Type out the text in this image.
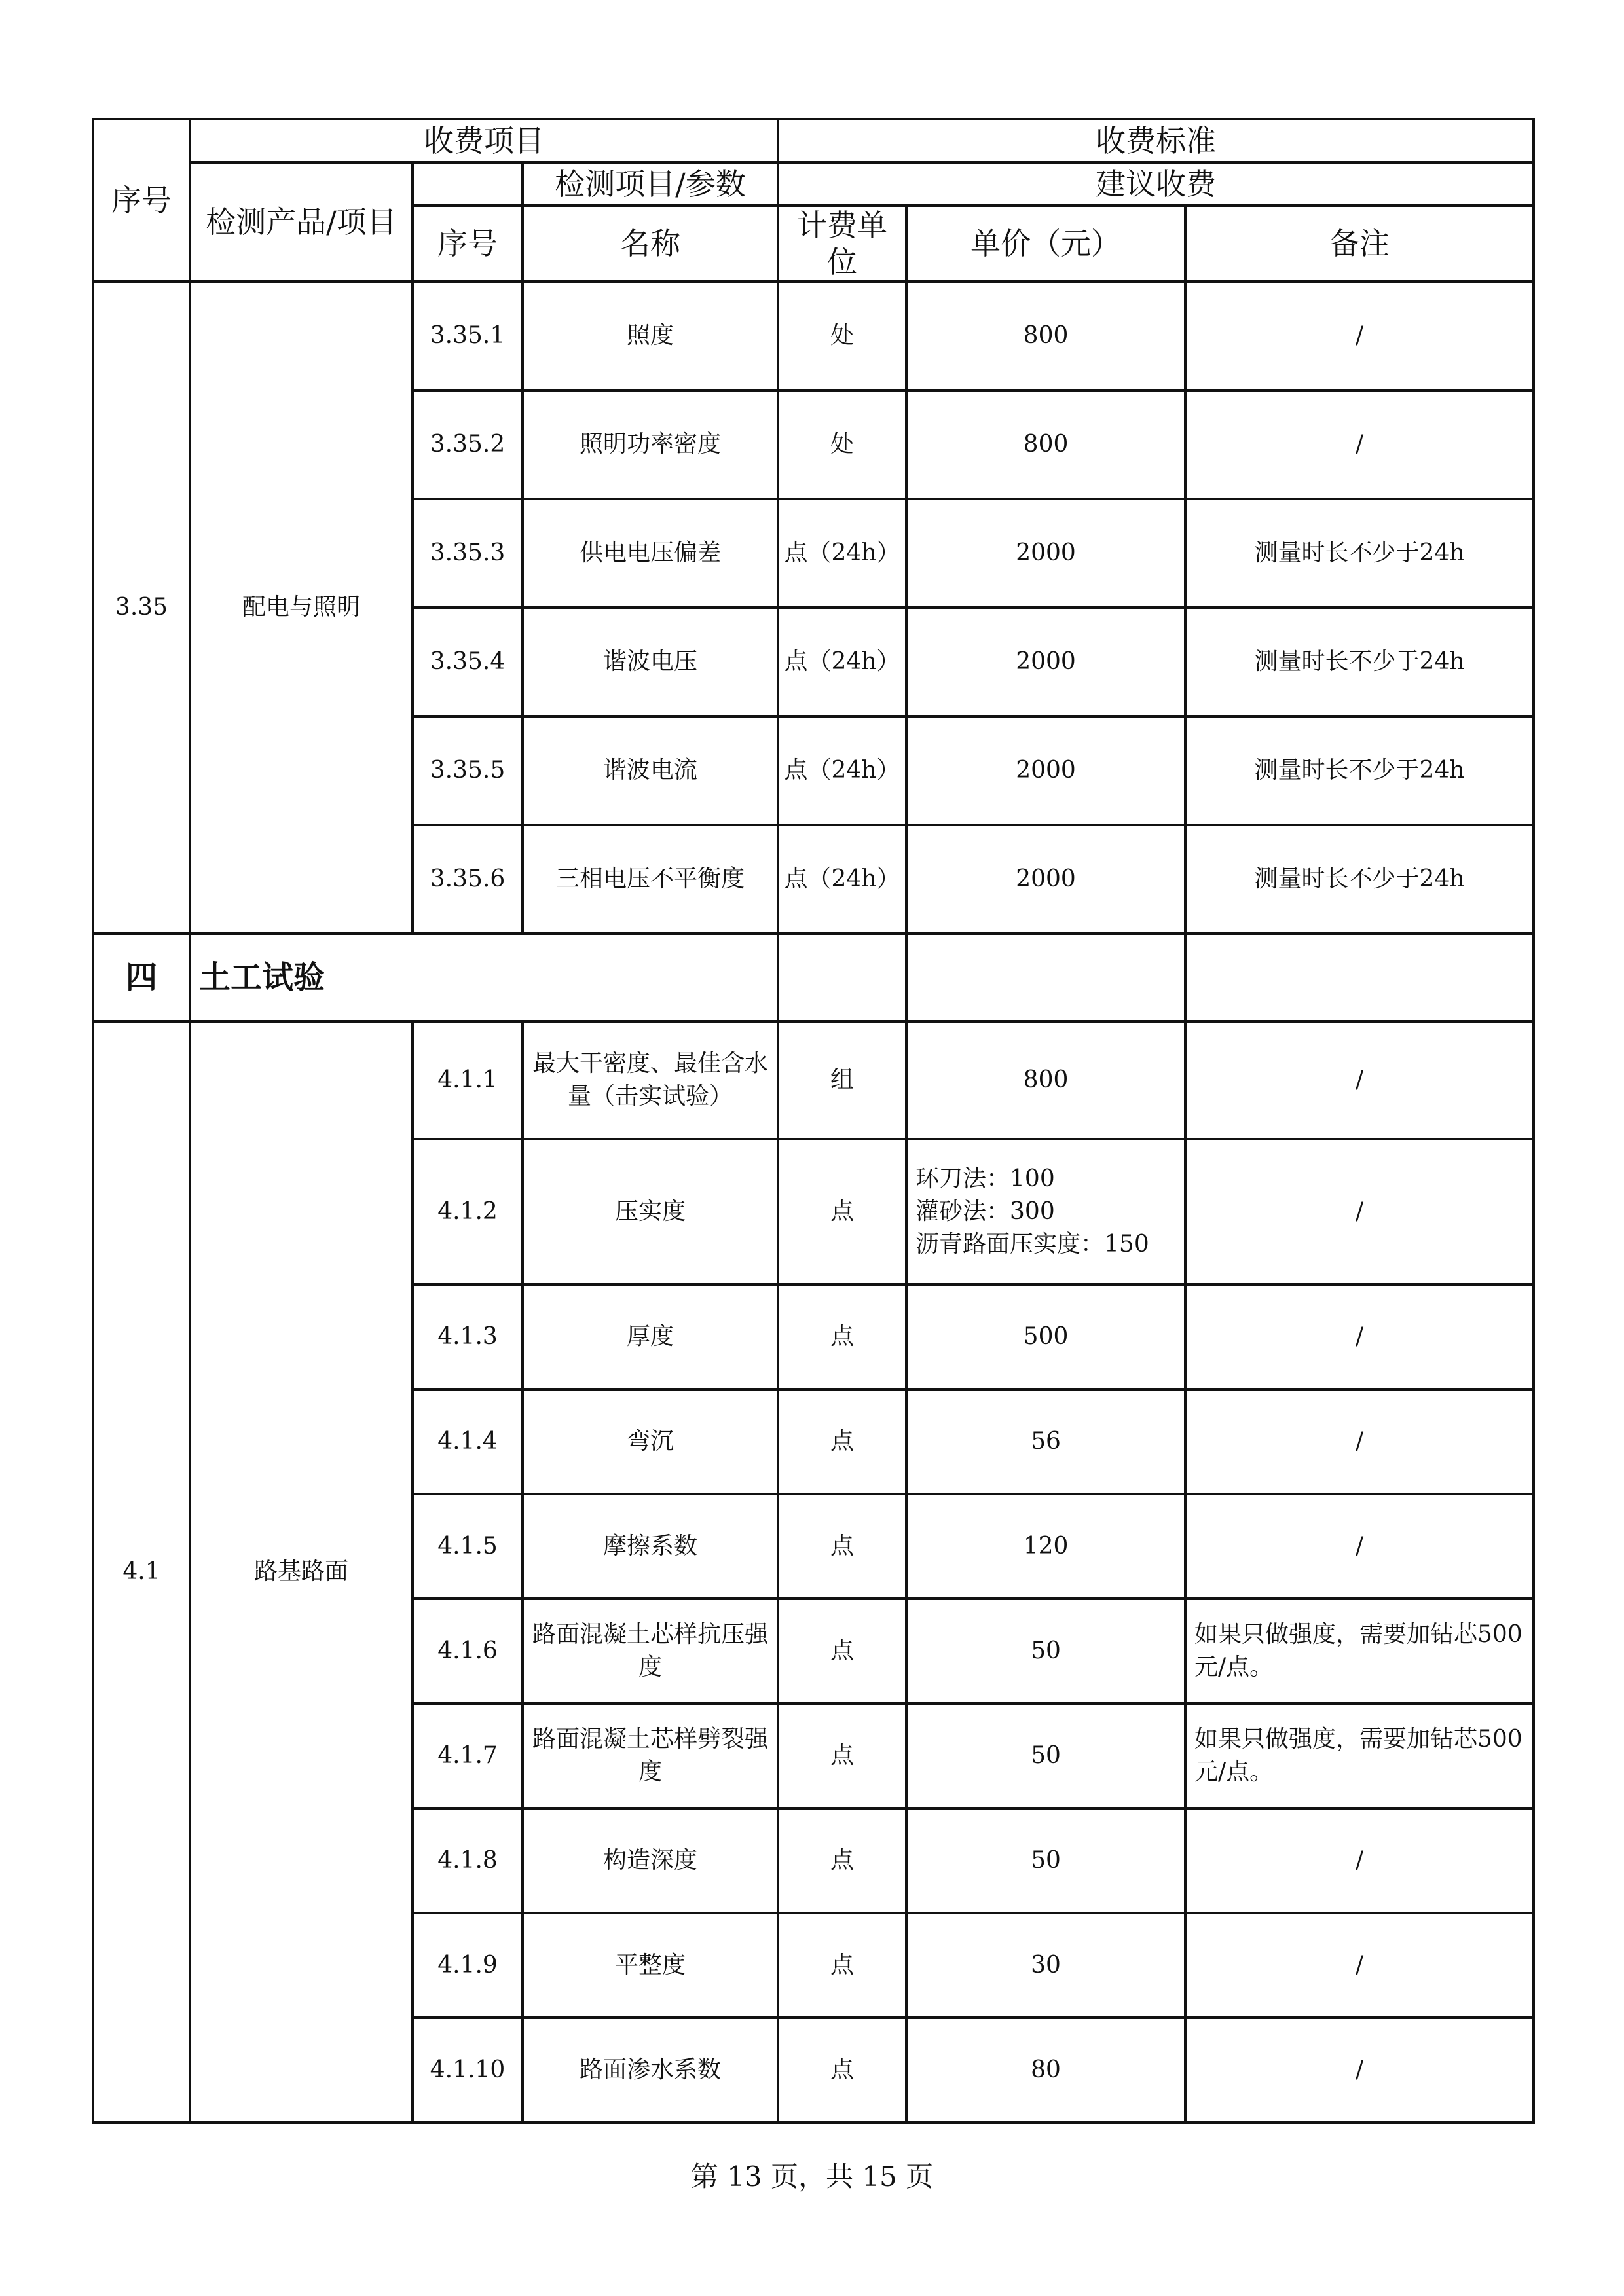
序号	收费项目			收费标准		
	检测产品/项目		检测项目/参数	建议收费		
		序号	名称	计费单位	单价（元）	备注
3.35	配电与照明	3.35.1	照度	处	800	/
		3.35.2	照明功率密度	处	800	/
		3.35.3	供电电压偏差	点（24h）	2000	测量时长不少于24h
		3.35.4	谐波电压	点（24h）	2000	测量时长不少于24h
		3.35.5	谐波电流	点（24h）	2000	测量时长不少于24h
		3.35.6	三相电压不平衡度	点（24h）	2000	测量时长不少于24h
四	土工试验					
4.1	路基路面	4.1.1	最大干密度、最佳含水量（击实试验）	组	800	/
		4.1.2	压实度	点	环刀法：100
灌砂法：300
沥青路面压实度：150	/
		4.1.3	厚度	点	500	/
		4.1.4	弯沉	点	56	/
		4.1.5	摩擦系数	点	120	/
		4.1.6	路面混凝土芯样抗压强度	点	50	如果只做强度，需要加钻芯500元/点。
		4.1.7	路面混凝土芯样劈裂强度	点	50	如果只做强度，需要加钻芯500元/点。
		4.1.8	构造深度	点	50	/
		4.1.9	平整度	点	30	/
		4.1.10	路面渗水系数	点	80	/
第 13 页，共 15 页
